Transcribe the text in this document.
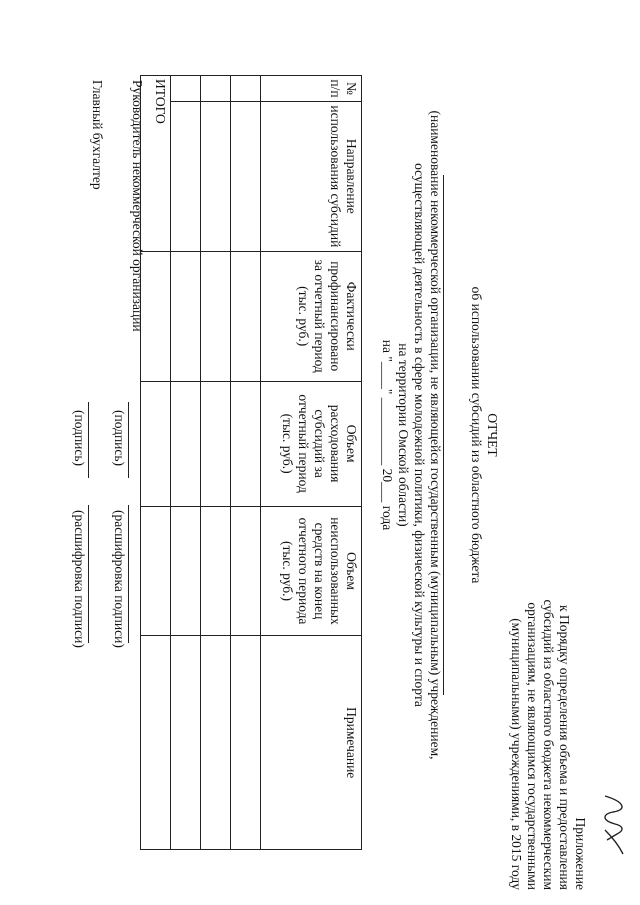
Приложение
к Порядку определения объема и предоставления
субсидий из областного бюджета некоммерческим
организациям, не являющимся государственными
(муниципальными) учреждениями, в 2015 году
ОТЧЕТ
об использовании субсидий из областного бюджета
(наименование некоммерческой организации, не являющейся государственным (муниципальным) учреждением,
осуществляющей деятельность в сфере молодежной политики, физической культуры и спорта
на территории Омской области)
на "____" __________ 20___ года
№ п/п	Направление использования субсидий	Фактически профинансировано за отчетный период (тыс. руб.)	Объем расходования субсидий за отчетный период (тыс. руб.)	Объем неиспользованных средств на конец отчетного периода (тыс. руб.)	Примечание

ИТОГО					
Руководитель некоммерческой организации
(подпись)
(расшифровка подписи)
Главный бухгалтер
(подпись)
(расшифровка подписи)
